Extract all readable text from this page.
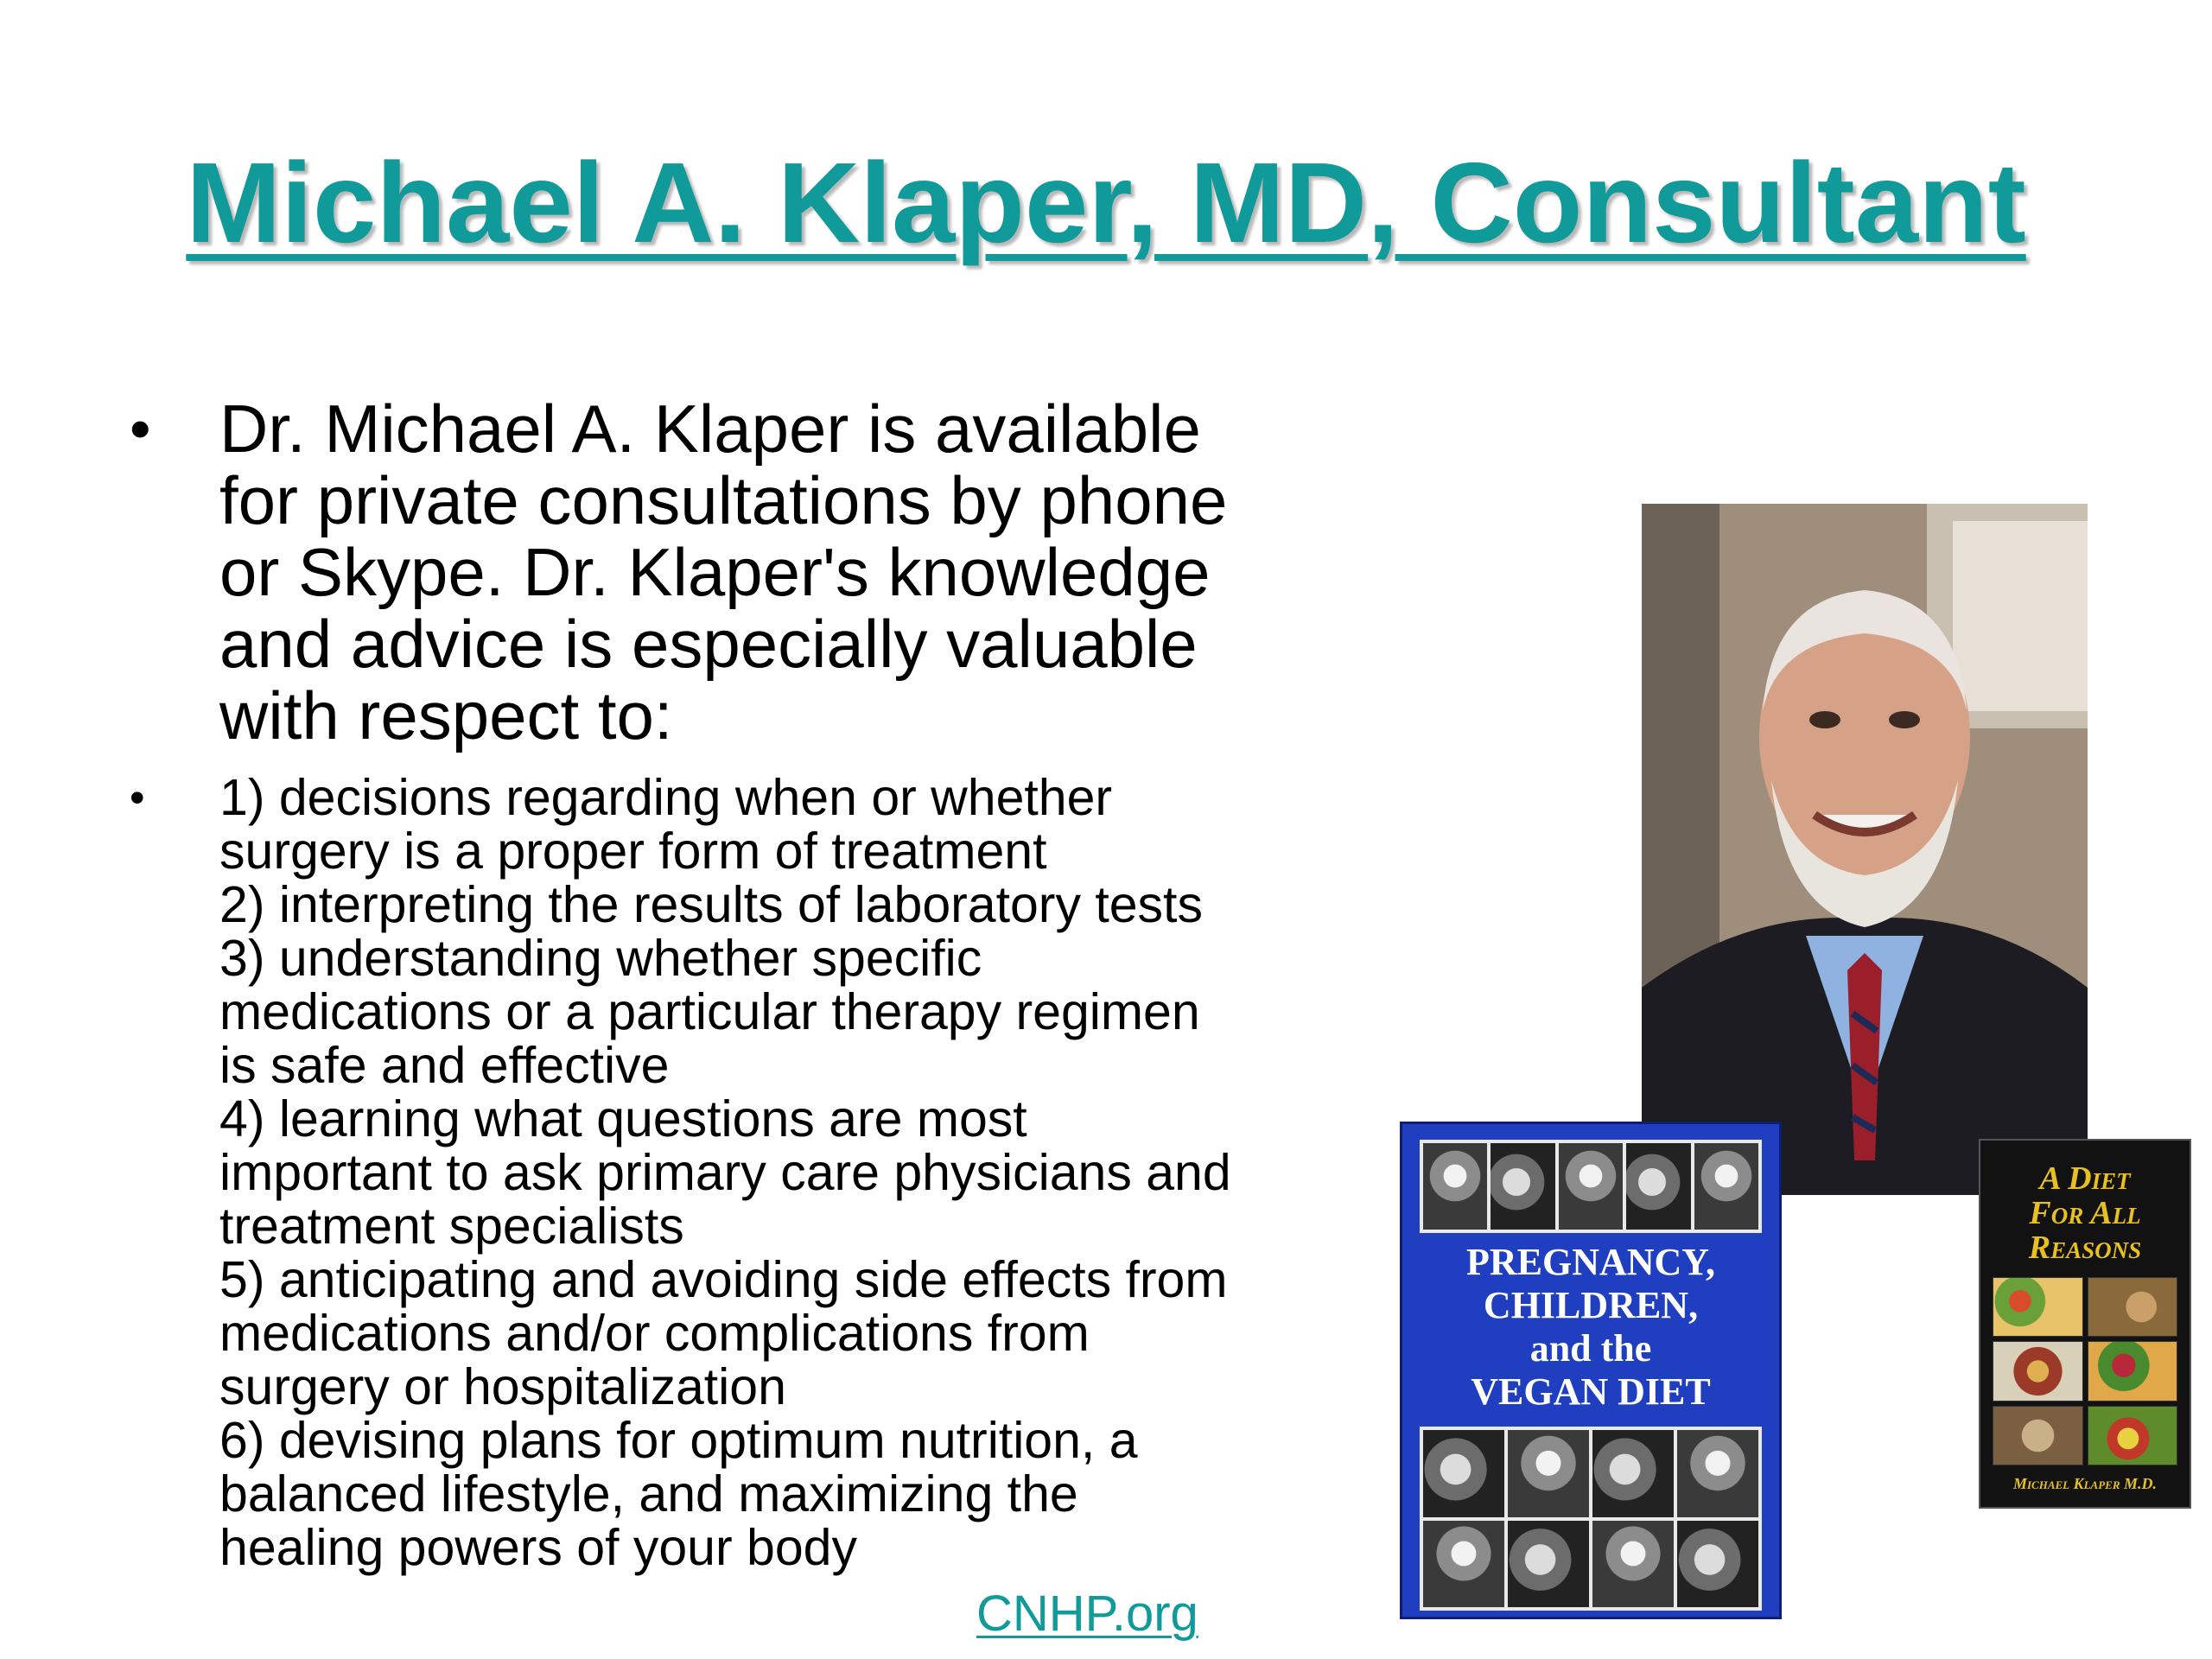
Michael A. Klaper, MD, Consultant
• Dr. Michael A. Klaper is available
for private consultations by phone
or Skype. Dr. Klaper's knowledge
and advice is especially valuable
with respect to:
• 1) decisions regarding when or whether
surgery is a proper form of treatment
2) interpreting the results of laboratory tests
3) understanding whether specific
medications or a particular therapy regimen
is safe and effective
4) learning what questions are most
important to ask primary care physicians and
treatment specialists
5) anticipating and avoiding side effects from
medications and/or complications from
surgery or hospitalization
6) devising plans for optimum nutrition, a
balanced lifestyle, and maximizing the
healing powers of your body
CNHP.org
PREGNANCY,
CHILDREN,
and the
VEGAN DIET
A Diet
For All
Reasons
Michael Klaper M.D.
